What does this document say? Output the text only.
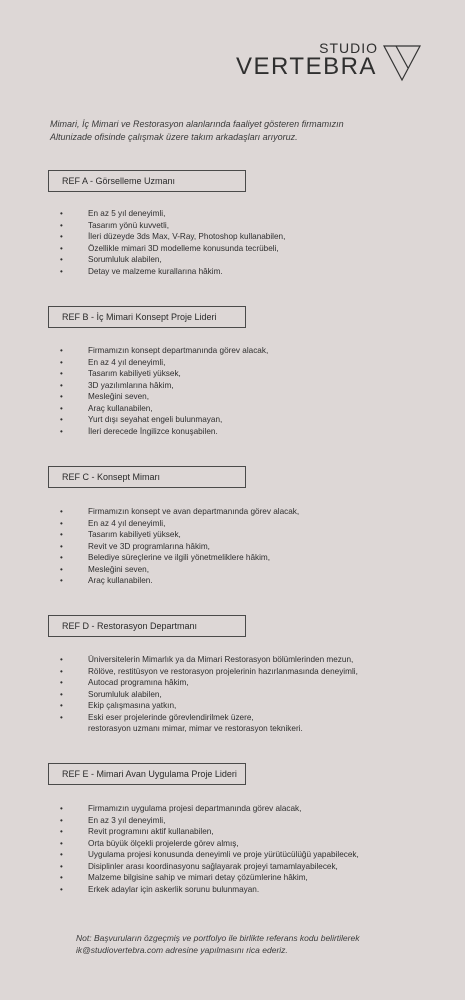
STUDIO
VERTEBRA
Mimari, İç Mimari ve Restorasyon alanlarında faaliyet gösteren firmamızın
Altunizade ofisinde çalışmak üzere takım arkadaşları arıyoruz.
REF A - Görselleme Uzmanı
•	En az 5 yıl deneyimli,
•	Tasarım yönü kuvvetli,
•	İleri düzeyde 3ds Max, V-Ray, Photoshop kullanabilen,
•	Özellikle mimari 3D modelleme konusunda tecrübeli,
•	Sorumluluk alabilen,
•	Detay ve malzeme kurallarına hâkim.
REF B - İç Mimari Konsept Proje Lideri
•	Firmamızın konsept departmanında görev alacak,
•	En az 4 yıl deneyimli,
•	Tasarım kabiliyeti yüksek,
•	3D yazılımlarına hâkim,
•	Mesleğini seven,
•	Araç kullanabilen,
•	Yurt dışı seyahat engeli bulunmayan,
•	İleri derecede İngilizce konuşabilen.
REF C - Konsept Mimarı
•	Firmamızın konsept ve avan departmanında görev alacak,
•	En az 4 yıl deneyimli,
•	Tasarım kabiliyeti yüksek,
•	Revit ve 3D programlarına hâkim,
•	Belediye süreçlerine ve ilgili yönetmeliklere hâkim,
•	Mesleğini seven,
•	Araç kullanabilen.
REF D - Restorasyon Departmanı
•	Üniversitelerin Mimarlık ya da Mimari Restorasyon bölümlerinden mezun,
•	Rölöve, restitüsyon ve restorasyon projelerinin hazırlanmasında deneyimli,
•	Autocad programına hâkim,
•	Sorumluluk alabilen,
•	Ekip çalışmasına yatkın,
•	Eski eser projelerinde görevlendirilmek üzere,
restorasyon uzmanı mimar, mimar ve restorasyon teknikeri.
REF E - Mimari Avan Uygulama Proje Lideri
•	Firmamızın uygulama projesi departmanında görev alacak,
•	En az 3 yıl deneyimli,
•	Revit programını aktif kullanabilen,
•	Orta büyük ölçekli projelerde görev almış,
•	Uygulama projesi konusunda deneyimli ve proje yürütücülüğü yapabilecek,
•	Disiplinler arası koordinasyonu sağlayarak projeyi tamamlayabilecek,
•	Malzeme bilgisine sahip ve mimari detay çözümlerine hâkim,
•	Erkek adaylar için askerlik sorunu bulunmayan.
Not: Başvuruların özgeçmiş ve portfolyo ile birlikte referans kodu belirtilerek
ik@studiovertebra.com adresine yapılmasını rica ederiz.
